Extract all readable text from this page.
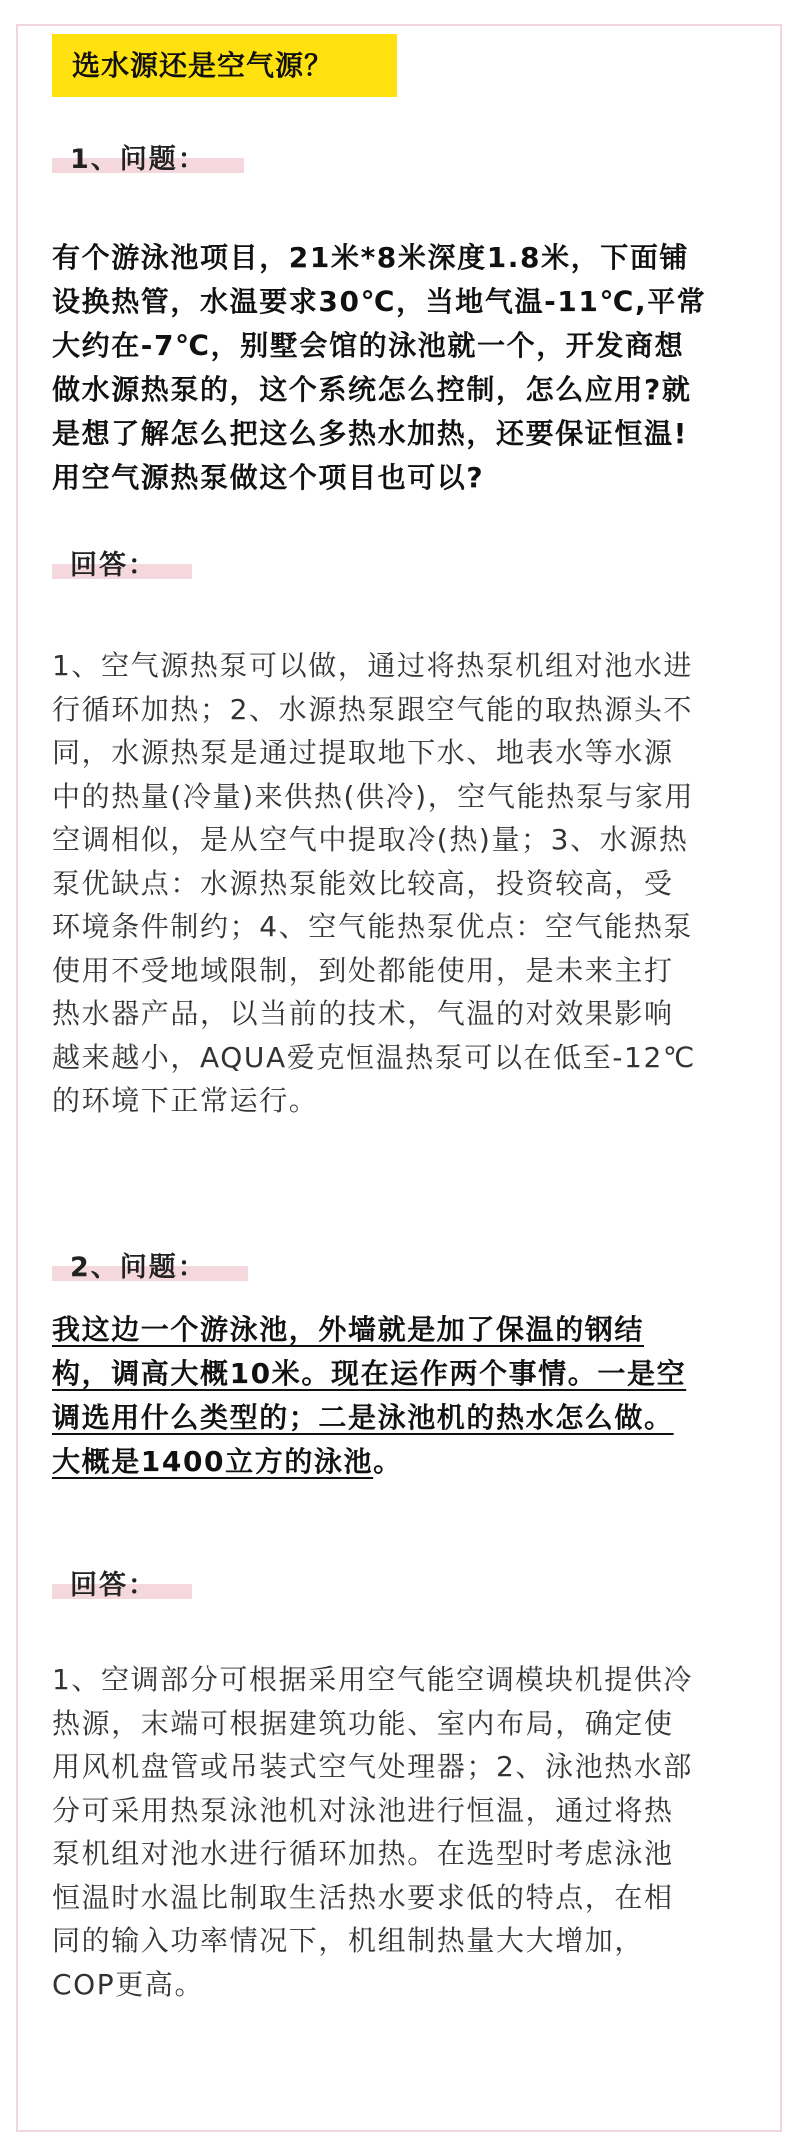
选水源还是空气源？
1、问题：
有个游泳池项目，21米*8米深度1.8米，下面铺
设换热管，水温要求30℃，当地气温-11℃,平常
大约在-7℃，别墅会馆的泳池就一个，开发商想
做水源热泵的，这个系统怎么控制，怎么应用?就
是想了解怎么把这么多热水加热，还要保证恒温!
用空气源热泵做这个项目也可以?
回答：
1、空气源热泵可以做，通过将热泵机组对池水进
行循环加热；2、水源热泵跟空气能的取热源头不
同，水源热泵是通过提取地下水、地表水等水源
中的热量(冷量)来供热(供冷)，空气能热泵与家用
空调相似，是从空气中提取冷(热)量；3、水源热
泵优缺点：水源热泵能效比较高，投资较高，受
环境条件制约；4、空气能热泵优点：空气能热泵
使用不受地域限制，到处都能使用，是未来主打
热水器产品，以当前的技术，气温的对效果影响
越来越小，AQUA爱克恒温热泵可以在低至-12℃
的环境下正常运行。
2、问题：
我这边一个游泳池，外墙就是加了保温的钢结
构，调高大概10米。现在运作两个事情。一是空
调选用什么类型的；二是泳池机的热水怎么做。
大概是1400立方的泳池。
回答：
1、空调部分可根据采用空气能空调模块机提供冷
热源，末端可根据建筑功能、室内布局，确定使
用风机盘管或吊装式空气处理器；2、泳池热水部
分可采用热泵泳池机对泳池进行恒温，通过将热
泵机组对池水进行循环加热。在选型时考虑泳池
恒温时水温比制取生活热水要求低的特点，在相
同的输入功率情况下，机组制热量大大增加，
COP更高。
